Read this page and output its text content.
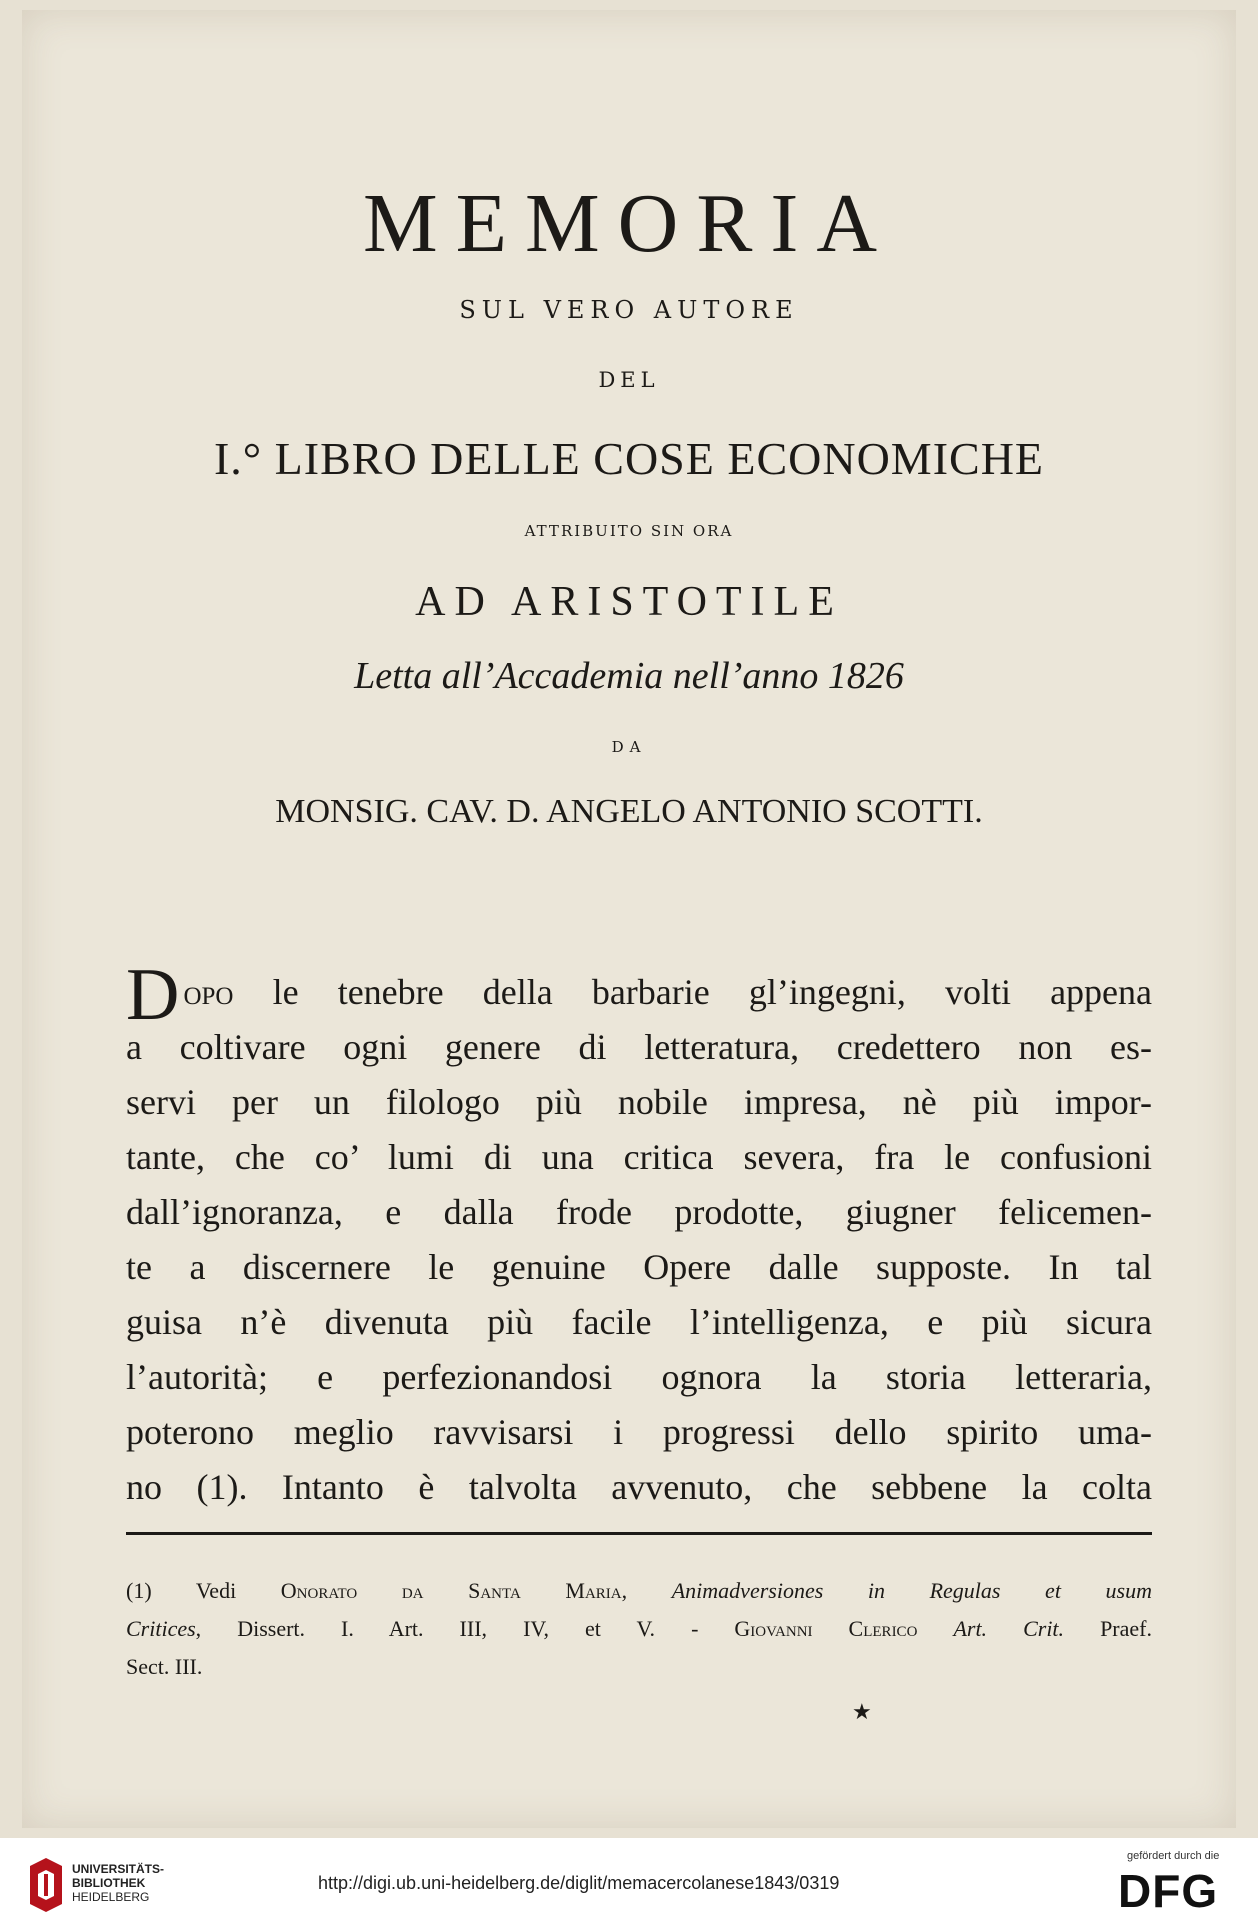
MEMORIA
SUL VERO AUTORE
DEL
I.° LIBRO DELLE COSE ECONOMICHE
ATTRIBUITO SIN ORA
AD ARISTOTILE
Letta all’Accademia nell’anno 1826
DA
MONSIG. CAV. D. ANGELO ANTONIO SCOTTI.
Dopo le tenebre della barbarie gl’ingegni, volti appena
a coltivare ogni genere di letteratura, credettero non es-
servi per un filologo più nobile impresa, nè più impor-
tante, che co’ lumi di una critica severa, fra le confusioni
dall’ignoranza, e dalla frode prodotte, giugner felicemen-
te a discernere le genuine Opere dalle supposte. In tal
guisa n’è divenuta più facile l’intelligenza, e più sicura
l’autorità; e perfezionandosi ognora la storia letteraria,
poterono meglio ravvisarsi i progressi dello spirito uma-
no (1). Intanto è talvolta avvenuto, che sebbene la colta
(1) Vedi Onorato da Santa Maria, Animadversiones in Regulas et usum
Critices, Dissert. I. Art. III, IV, et V. - Giovanni Clerico Art. Crit. Praef.
Sect. III.
★
UNIVERSITÄTS-
BIBLIOTHEK
HEIDELBERG
http://digi.ub.uni-heidelberg.de/diglit/memacercolanese1843/0319
gefördert durch die
DFG
